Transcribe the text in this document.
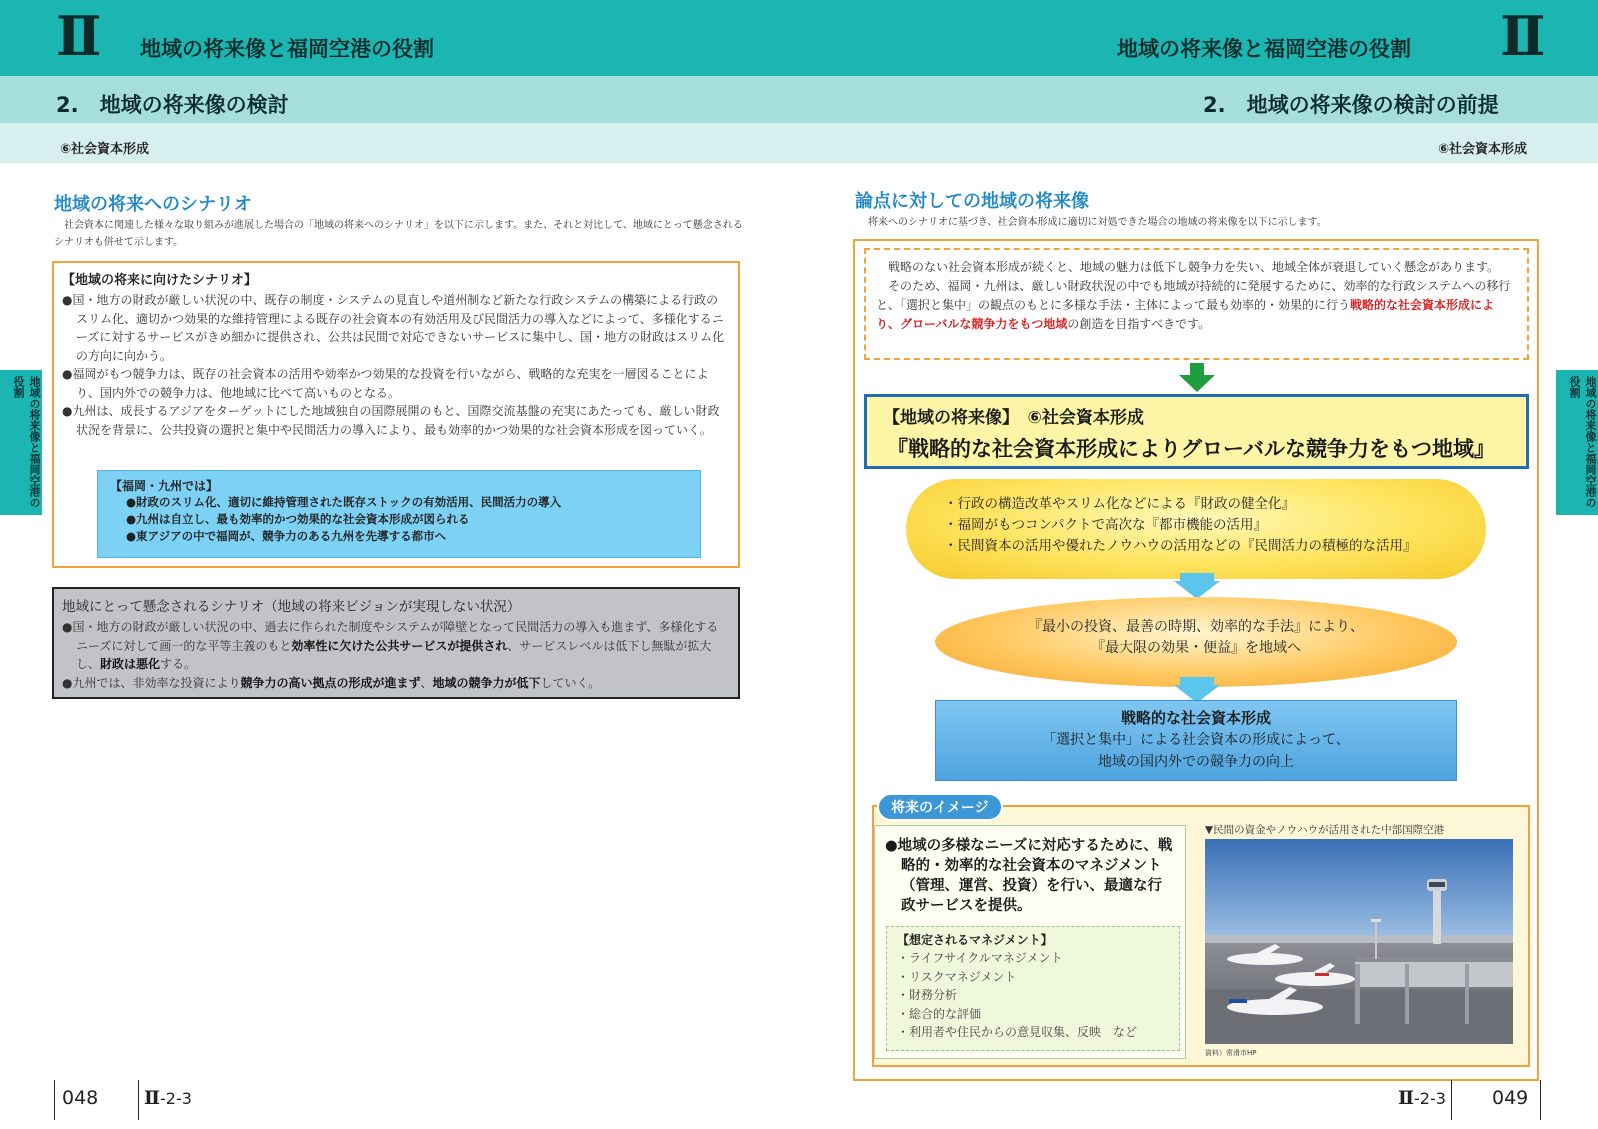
Ⅱ 地域の将来像と福岡空港の役割	地域の将来像と福岡空港の役割 Ⅱ
2.　地域の将来像の検討	2.　地域の将来像の検討の前提
⑥社会資本形成	⑥社会資本形成
地域の将来像と福岡空港の役割	地域の将来像と福岡空港の役割
地域の将来へのシナリオ
　社会資本に関連した様々な取り組みが進展した場合の「地域の将来へのシナリオ」を以下に示します。また、それと対比して、地域にとって懸念されるシナリオも併せて示します。
【地域の将来に向けたシナリオ】
●国・地方の財政が厳しい状況の中、既存の制度・システムの見直しや道州制など新たな行政システムの構築による行政のスリム化、適切かつ効果的な維持管理による既存の社会資本の有効活用及び民間活力の導入などによって、多様化するニーズに対するサービスがきめ細かに提供され、公共は民間で対応できないサービスに集中し、国・地方の財政はスリム化の方向に向かう。
●福岡がもつ競争力は、既存の社会資本の活用や効率かつ効果的な投資を行いながら、戦略的な充実を一層図ることにより、国内外での競争力は、他地域に比べて高いものとなる。
●九州は、成長するアジアをターゲットにした地域独自の国際展開のもと、国際交流基盤の充実にあたっても、厳しい財政状況を背景に、公共投資の選択と集中や民間活力の導入により、最も効率的かつ効果的な社会資本形成を図っていく。
【福岡・九州では】
●財政のスリム化、適切に維持管理された既存ストックの有効活用、民間活力の導入
●九州は自立し、最も効率的かつ効果的な社会資本形成が図られる
●東アジアの中で福岡が、競争力のある九州を先導する都市へ
地域にとって懸念されるシナリオ（地域の将来ビジョンが実現しない状況）
●国・地方の財政が厳しい状況の中、過去に作られた制度やシステムが障壁となって民間活力の導入も進まず、多様化するニーズに対して画一的な平等主義のもと効率性に欠けた公共サービスが提供され、サービスレベルは低下し無駄が拡大し、財政は悪化する。
●九州では、非効率な投資により競争力の高い拠点の形成が進まず、地域の競争力が低下していく。
論点に対しての地域の将来像
　将来へのシナリオに基づき、社会資本形成に適切に対処できた場合の地域の将来像を以下に示します。
　戦略のない社会資本形成が続くと、地域の魅力は低下し競争力を失い、地域全体が衰退していく懸念があります。
　そのため、福岡・九州は、厳しい財政状況の中でも地域が持続的に発展するために、効率的な行政システムへの移行と、「選択と集中」の観点のもとに多様な手法・主体によって最も効率的・効果的に行う戦略的な社会資本形成により、グローバルな競争力をもつ地域の創造を目指すべきです。
【地域の将来像】　⑥社会資本形成
『戦略的な社会資本形成によりグローバルな競争力をもつ地域』
・行政の構造改革やスリム化などによる『財政の健全化』
・福岡がもつコンパクトで高次な『都市機能の活用』
・民間資本の活用や優れたノウハウの活用などの『民間活力の積極的な活用』
『最小の投資、最善の時期、効率的な手法』により、
『最大限の効果・便益』を地域へ
戦略的な社会資本形成
「選択と集中」による社会資本の形成によって、
地域の国内外での競争力の向上
将来のイメージ
●地域の多様なニーズに対応するために、戦略的・効率的な社会資本のマネジメント（管理、運営、投資）を行い、最適な行政サービスを提供。
【想定されるマネジメント】
・ライフサイクルマネジメント
・リスクマネジメント
・財務分析
・総合的な評価
・利用者や住民からの意見収集、反映　など
▼民間の資金やノウハウが活用された中部国際空港
資料）常滑市HP
048 Ⅱ-2-3	Ⅱ-2-3 049
